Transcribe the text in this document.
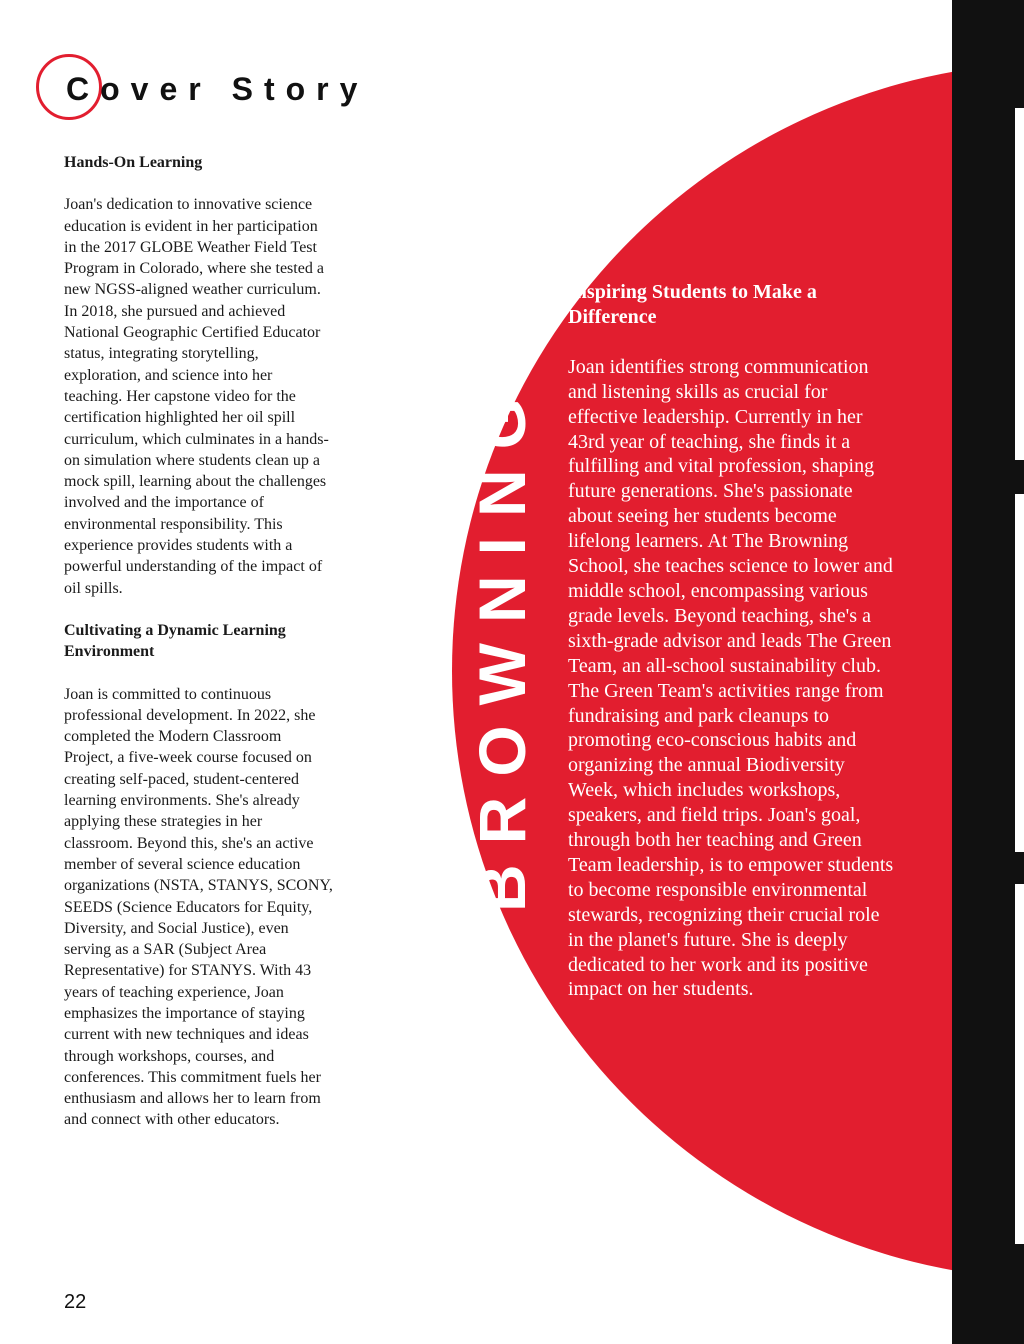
Cover Story
Hands-On Learning

Joan's dedication to innovative science education is evident in her participation in the 2017 GLOBE Weather Field Test Program in Colorado, where she tested a new NGSS-aligned weather curriculum. In 2018, she pursued and achieved National Geographic Certified Educator status, integrating storytelling, exploration, and science into her teaching. Her capstone video for the certification highlighted her oil spill curriculum, which culminates in a hands-on simulation where students clean up a mock spill, learning about the challenges involved and the importance of environmental responsibility. This experience provides students with a powerful understanding of the impact of oil spills.

Cultivating a Dynamic Learning Environment

Joan is committed to continuous professional development. In 2022, she completed the Modern Classroom Project, a five-week course focused on creating self-paced, student-centered learning environments. She's already applying these strategies in her classroom. Beyond this, she's an active member of several science education organizations (NSTA, STANYS, SCONY, SEEDS (Science Educators for Equity, Diversity, and Social Justice), even serving as a SAR (Subject Area Representative) for STANYS. With 43 years of teaching experience, Joan emphasizes the importance of staying current with new techniques and ideas through workshops, courses, and conferences. This commitment fuels her enthusiasm and allows her to learn from and connect with other educators.

BROWNING
Inspiring Students to Make a Difference

Joan identifies strong communication and listening skills as crucial for effective leadership. Currently in her 43rd year of teaching, she finds it a fulfilling and vital profession, shaping future generations. She's passionate about seeing her students become lifelong learners. At The Browning School, she teaches science to lower and middle school, encompassing various grade levels. Beyond teaching, she's a sixth-grade advisor and leads The Green Team, an all-school sustainability club. The Green Team's activities range from fundraising and park cleanups to promoting eco-conscious habits and organizing the annual Biodiversity Week, which includes workshops, speakers, and field trips. Joan's goal, through both her teaching and Green Team leadership, is to empower students to become responsible environmental stewards, recognizing their crucial role in the planet's future. She is deeply dedicated to her work and its positive impact on her students.

22
